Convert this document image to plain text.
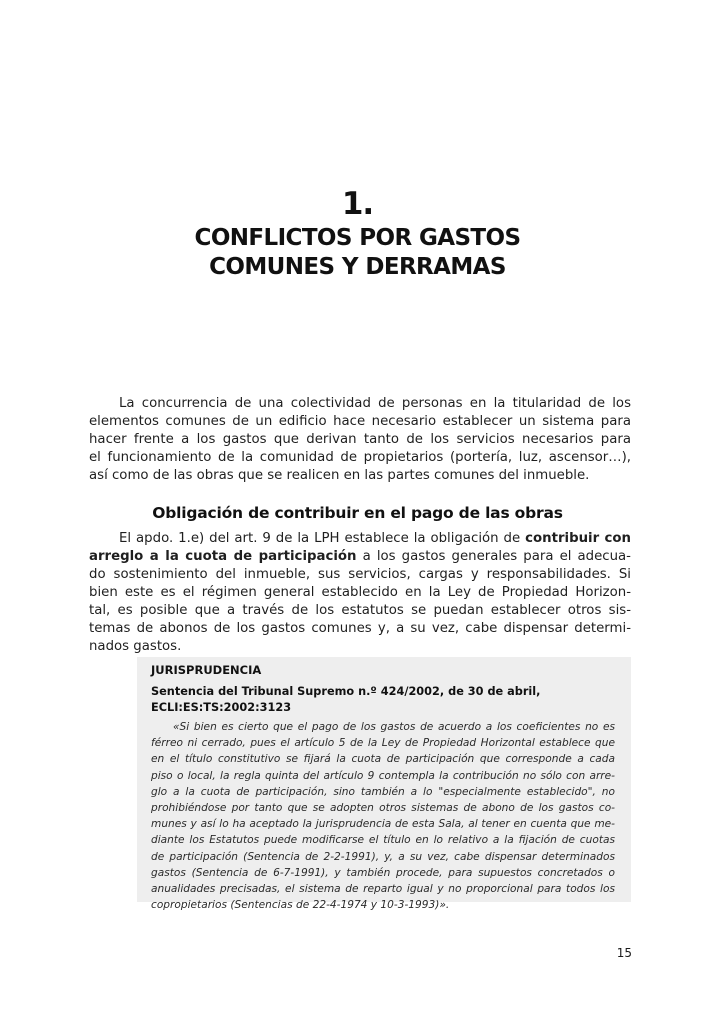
1.
CONFLICTOS POR GASTOS
COMUNES Y DERRAMAS
La concurrencia de una colectividad de personas en la titularidad de los
elementos comunes de un edificio hace necesario establecer un sistema para
hacer frente a los gastos que derivan tanto de los servicios necesarios para
el funcionamiento de la comunidad de propietarios (portería, luz, ascensor…),
así como de las obras que se realicen en las partes comunes del inmueble.
Obligación de contribuir en el pago de las obras
El apdo. 1.e) del art. 9 de la LPH establece la obligación de contribuir con
arreglo a la cuota de participación a los gastos generales para el adecua-
do sostenimiento del inmueble, sus servicios, cargas y responsabilidades. Si
bien este es el régimen general establecido en la Ley de Propiedad Horizon-
tal, es posible que a través de los estatutos se puedan establecer otros sis-
temas de abonos de los gastos comunes y, a su vez, cabe dispensar determi-
nados gastos.
JURISPRUDENCIA
Sentencia del Tribunal Supremo n.º 424/2002, de 30 de abril,
ECLI:ES:TS:2002:3123
«Si bien es cierto que el pago de los gastos de acuerdo a los coeficientes no es
férreo ni cerrado, pues el artículo 5 de la Ley de Propiedad Horizontal establece que
en el título constitutivo se fijará la cuota de participación que corresponde a cada
piso o local, la regla quinta del artículo 9 contempla la contribución no sólo con arre-
glo a la cuota de participación, sino también a lo "especialmente establecido", no
prohibiéndose por tanto que se adopten otros sistemas de abono de los gastos co-
munes y así lo ha aceptado la jurisprudencia de esta Sala, al tener en cuenta que me-
diante los Estatutos puede modificarse el título en lo relativo a la fijación de cuotas
de participación (Sentencia de 2-2-1991), y, a su vez, cabe dispensar determinados
gastos (Sentencia de 6-7-1991), y también procede, para supuestos concretados o
anualidades precisadas, el sistema de reparto igual y no proporcional para todos los
copropietarios (Sentencias de 22-4-1974 y 10-3-1993)».
15
